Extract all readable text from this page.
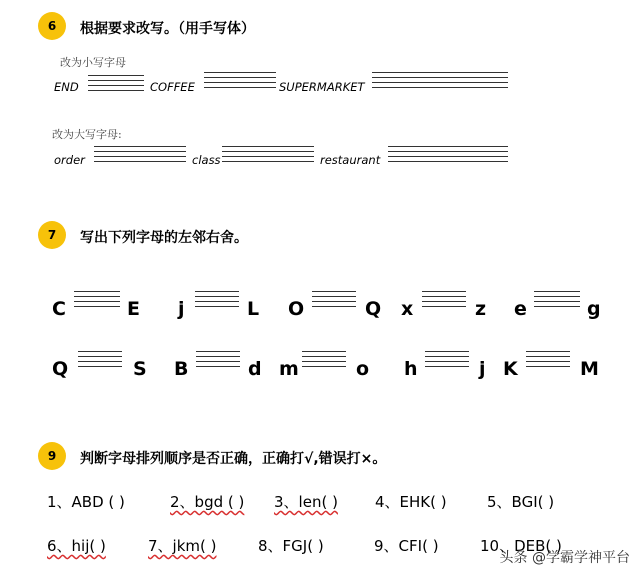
6	根据要求改写。（用手写体）
改为小写字母
END	COFFEE	SUPERMARKET
改为大写字母:
order	class	restaurant
7	写出下列字母的左邻右舍。
C	E j	L O	Q x	z e	g
Q	S B	d m	o h	j K	M
9	判断字母排列顺序是否正确，正确打√,错误打×。
1、ABD ( )	2、bgd ( ) 3、len( ) 4、EHK( )	5、BGI( )
6、hij( )	7、jkm( )	8、FGJ( )	9、CFI( )	10、DEB( )
头条 @学霸学神平台
